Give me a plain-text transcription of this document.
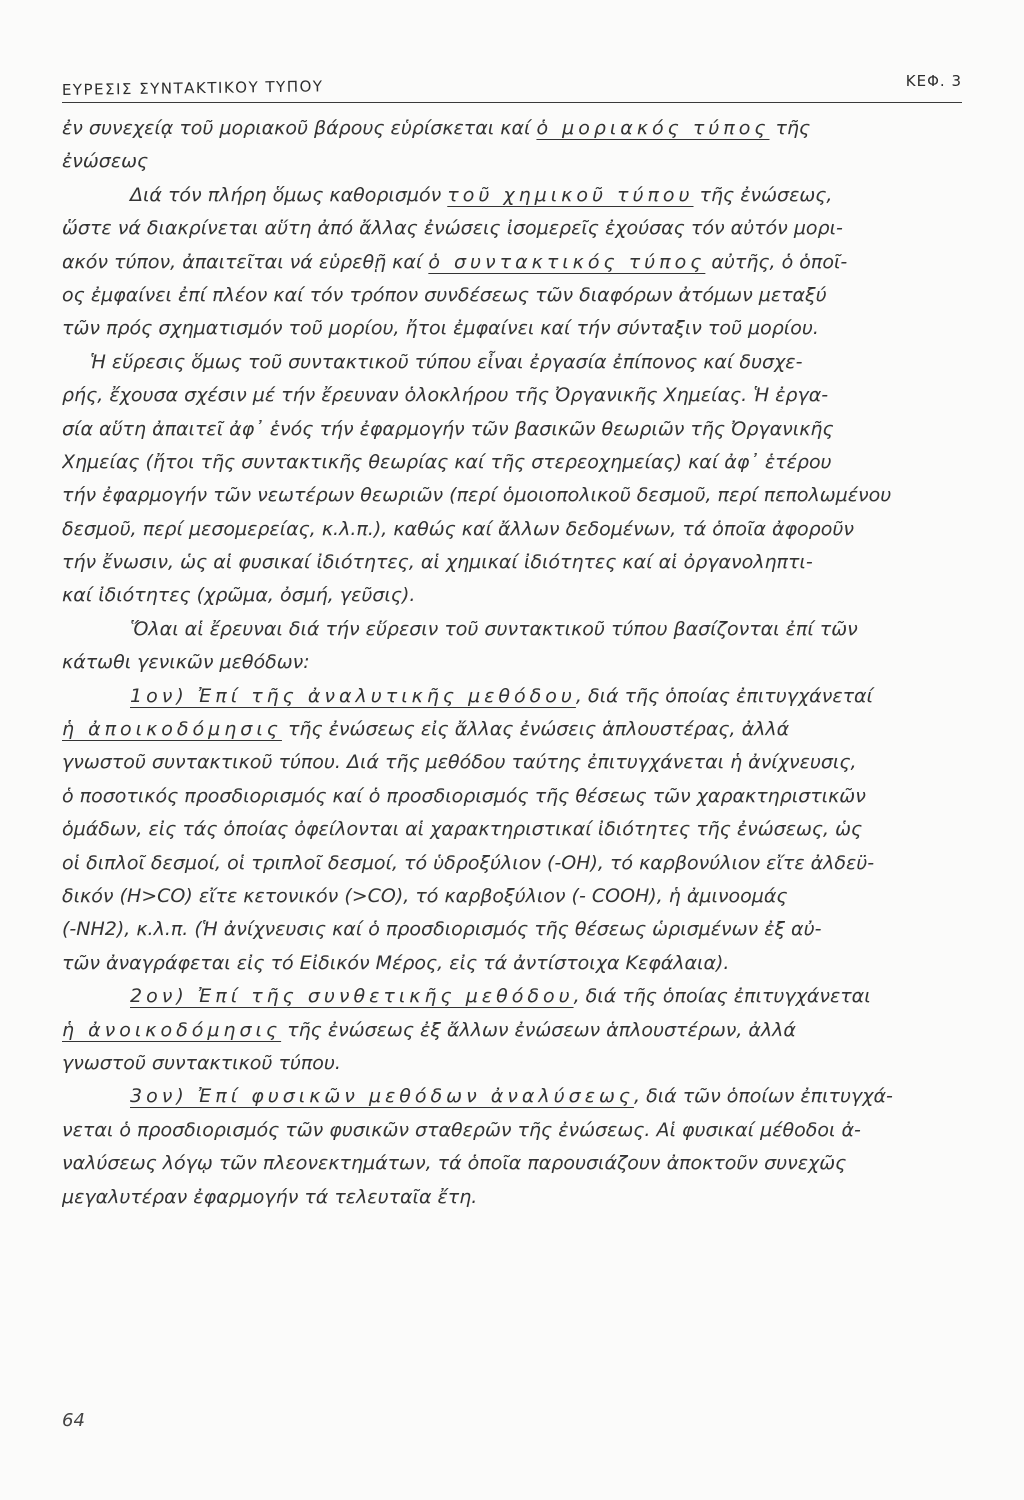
ΕΥΡΕΣΙΣ ΣΥΝΤΑΚΤΙΚΟΥ ΤΥΠΟΥ	ΚΕΦ. 3
ἐν συνεχείᾳ τοῦ μοριακοῦ βάρους εὑρίσκεται καί ὁ μοριακός τύπος τῆς
ἐνώσεως
Διά τόν πλήρη ὅμως καθορισμόν τοῦ χημικοῦ τύπου τῆς ἐνώσεως,
ὥστε νά διακρίνεται αὕτη ἀπό ἄλλας ἐνώσεις ἰσομερεῖς ἐχούσας τόν αὐτόν μορι-
ακόν τύπον, ἀπαιτεῖται νά εὑρεθῇ καί ὁ συντακτικός τύπος αὐτῆς, ὁ ὁποῖ-
ος ἐμφαίνει ἐπί πλέον καί τόν τρόπον συνδέσεως τῶν διαφόρων ἀτόμων μεταξύ
τῶν πρός σχηματισμόν τοῦ μορίου, ἤτοι ἐμφαίνει καί τήν σύνταξιν τοῦ μορίου.
Ἡ εὕρεσις ὅμως τοῦ συντακτικοῦ τύπου εἶναι ἐργασία ἐπίπονος καί δυσχε-
ρής, ἔχουσα σχέσιν μέ τήν ἔρευναν ὁλοκλήρου τῆς Ὀργανικῆς Χημείας. Ἡ ἐργα-
σία αὕτη ἀπαιτεῖ ἀφ᾽ ἑνός τήν ἐφαρμογήν τῶν βασικῶν θεωριῶν τῆς Ὀργανικῆς
Χημείας (ἤτοι τῆς συντακτικῆς θεωρίας καί τῆς στερεοχημείας) καί ἀφ᾽ ἑτέρου
τήν ἐφαρμογήν τῶν νεωτέρων θεωριῶν (περί ὁμοιοπολικοῦ δεσμοῦ, περί πεπολωμένου
δεσμοῦ, περί μεσομερείας, κ.λ.π.), καθώς καί ἄλλων δεδομένων, τά ὁποῖα ἀφοροῦν
τήν ἔνωσιν, ὡς αἱ φυσικαί ἰδιότητες, αἱ χημικαί ἰδιότητες καί αἱ ὀργανοληπτι-
καί ἰδιότητες (χρῶμα, ὀσμή, γεῦσις).
Ὅλαι αἱ ἔρευναι διά τήν εὕρεσιν τοῦ συντακτικοῦ τύπου βασίζονται ἐπί τῶν
κάτωθι γενικῶν μεθόδων:
1ον) Ἐπί τῆς ἀναλυτικῆς μεθόδου, διά τῆς ὁποίας ἐπιτυγχάνεταί
ἡ ἀποικοδόμησις τῆς ἐνώσεως εἰς ἄλλας ἐνώσεις ἁπλουστέρας, ἀλλά
γνωστοῦ συντακτικοῦ τύπου. Διά τῆς μεθόδου ταύτης ἐπιτυγχάνεται ἡ ἀνίχνευσις,
ὁ ποσοτικός προσδιορισμός καί ὁ προσδιορισμός τῆς θέσεως τῶν χαρακτηριστικῶν
ὁμάδων, εἰς τάς ὁποίας ὀφείλονται αἱ χαρακτηριστικαί ἰδιότητες τῆς ἐνώσεως, ὡς
οἱ διπλοῖ δεσμοί, οἱ τριπλοῖ δεσμοί, τό ὑδροξύλιον (-OH), τό καρβονύλιον εἴτε ἀλδεϋ-
δικόν (H>CO) εἴτε κετονικόν (>CO), τό καρβοξύλιον (- COOH), ἡ ἀμινοομάς
(-NH2), κ.λ.π. (Ἡ ἀνίχνευσις καί ὁ προσδιορισμός τῆς θέσεως ὡρισμένων ἐξ αὐ-
τῶν ἀναγράφεται εἰς τό Εἰδικόν Μέρος, εἰς τά ἀντίστοιχα Κεφάλαια).
2ον) Ἐπί τῆς συνθετικῆς μεθόδου, διά τῆς ὁποίας ἐπιτυγχάνεται
ἡ ἀνοικοδόμησις τῆς ἐνώσεως ἐξ ἄλλων ἐνώσεων ἁπλουστέρων, ἀλλά
γνωστοῦ συντακτικοῦ τύπου.
3ον) Ἐπί φυσικῶν μεθόδων ἀναλύσεως, διά τῶν ὁποίων ἐπιτυγχά-
νεται ὁ προσδιορισμός τῶν φυσικῶν σταθερῶν τῆς ἐνώσεως. Αἱ φυσικαί μέθοδοι ἀ-
ναλύσεως λόγῳ τῶν πλεονεκτημάτων, τά ὁποῖα παρουσιάζουν ἀποκτοῦν συνεχῶς
μεγαλυτέραν ἐφαρμογήν τά τελευταῖα ἔτη.
64
